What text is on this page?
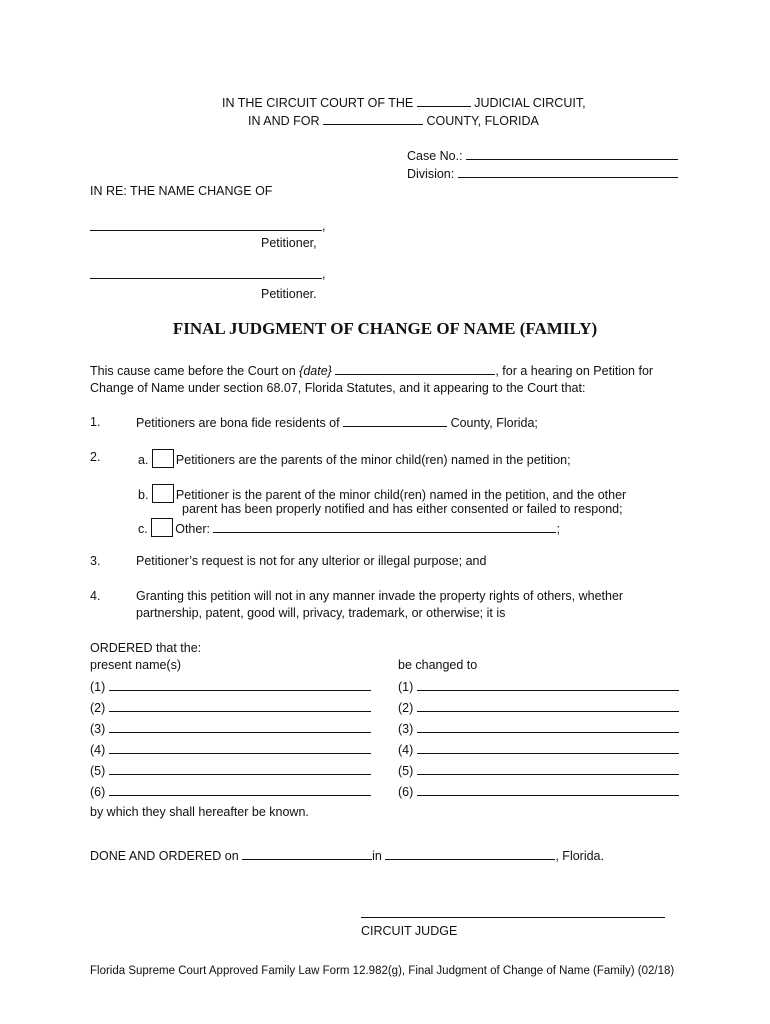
IN THE CIRCUIT COURT OF THE	JUDICIAL CIRCUIT,
IN AND FOR	COUNTY, FLORIDA
Case No.:
Division:
IN RE: THE NAME CHANGE OF
,
Petitioner,
,
Petitioner.
FINAL JUDGMENT OF CHANGE OF NAME (FAMILY)
This cause came before the Court on {date}	, for a hearing on Petition for
Change of Name under section 68.07, Florida Statutes, and it appearing to the Court that:
1.	Petitioners are bona fide residents of	County, Florida;
2.	a. Petitioners are the parents of the minor child(ren) named in the petition;
b. Petitioner is the parent of the minor child(ren) named in the petition, and the other
parent has been properly notified and has either consented or failed to respond;
c. Other:	;
3.	Petitioner’s request is not for any ulterior or illegal purpose; and
4.	Granting this petition will not in any manner invade the property rights of others, whether
partnership, patent, good will, privacy, trademark, or otherwise; it is
ORDERED that the:
present name(s)	be changed to
(1)	(1)
(2)	(2)
(3)	(3)
(4)	(4)
(5)	(5)
(6)	(6)
by which they shall hereafter be known.
DONE AND ORDERED on	in	, Florida.
CIRCUIT JUDGE
Florida Supreme Court Approved Family Law Form 12.982(g), Final Judgment of Change of Name (Family) (02/18)
